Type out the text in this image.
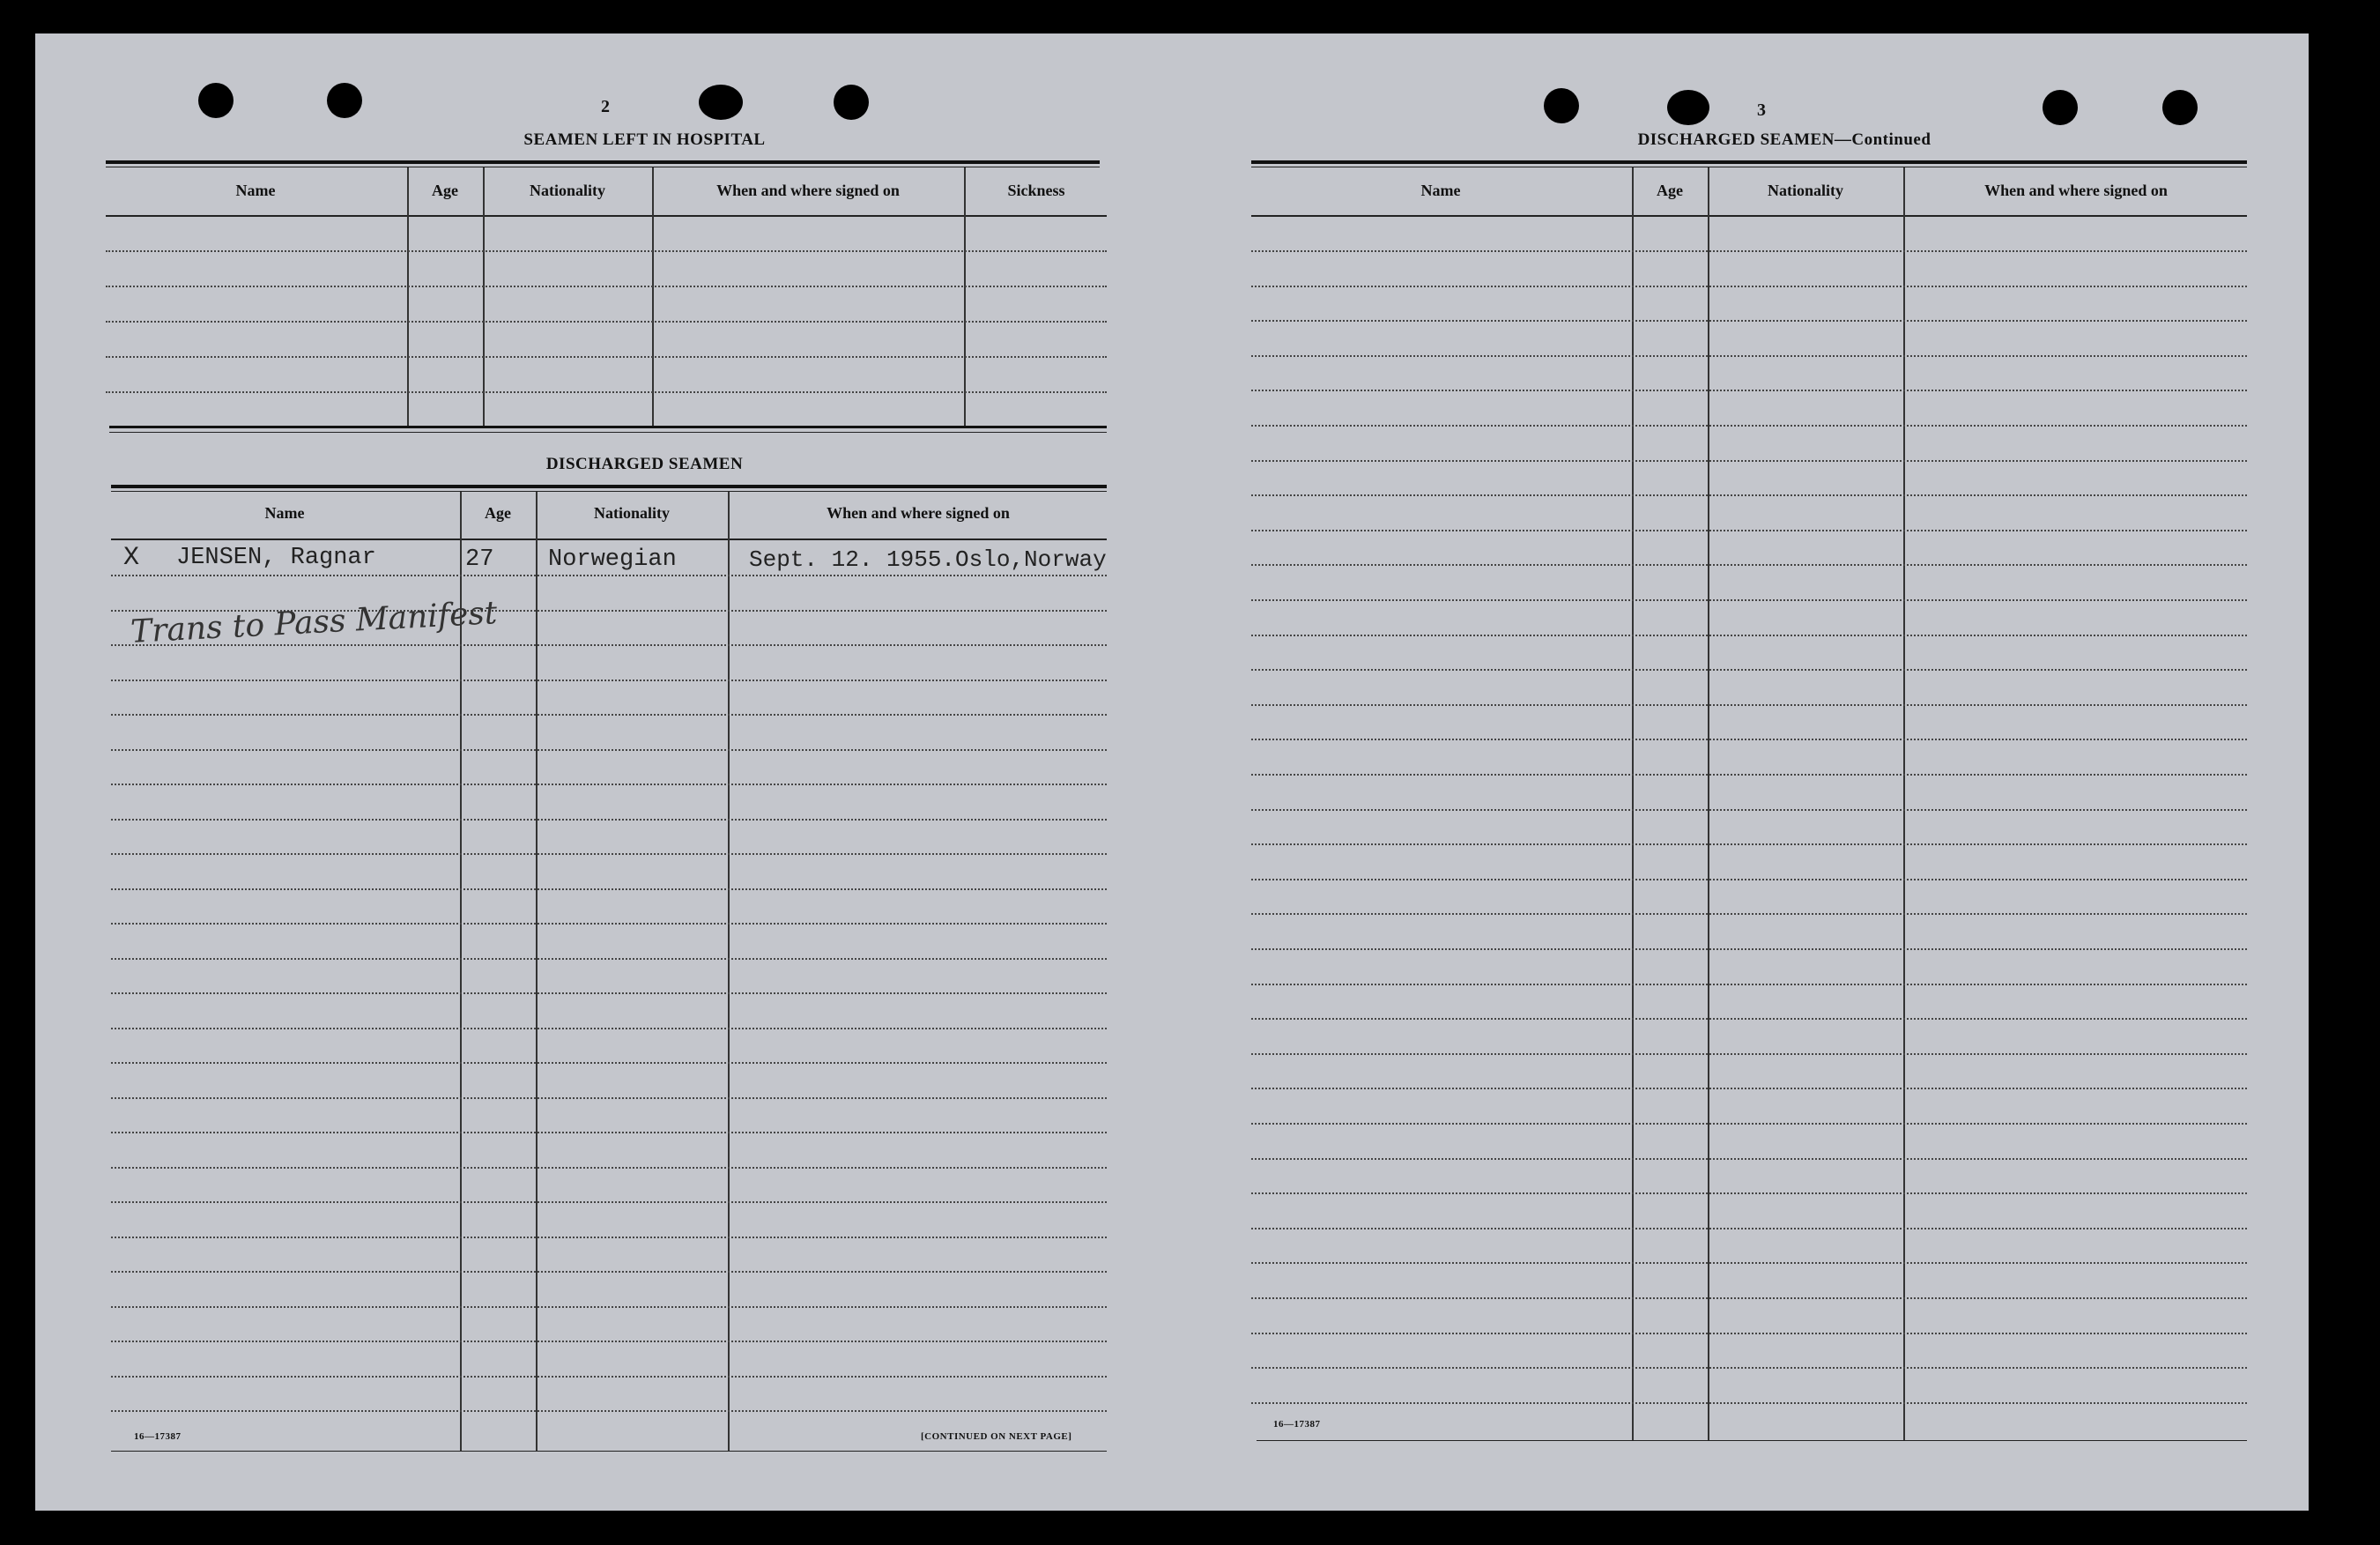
2
SEAMEN LEFT IN HOSPITAL
Name	Age	Nationality	When and where signed on	Sickness
DISCHARGED SEAMEN
Name	Age	Nationality	When and where signed on
X JENSEN, Ragnar	27 Norwegian	Sept. 12. 1955.Oslo,Norway
Trans to Pass Manifest
16—17387	[CONTINUED ON NEXT PAGE]
3
DISCHARGED SEAMEN—Continued
Name	Age	Nationality	When and where signed on
16—17387
